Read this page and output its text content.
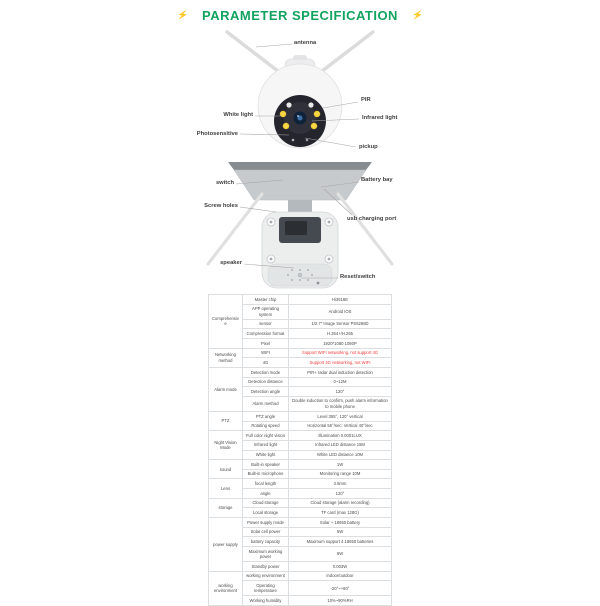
⚡ PARAMETER SPECIFICATION ⚡
antenna
White light
Photosensitive
PIR
Infrared light
pickup
switch
Screw holes
speaker
Battery bay
usb charging port
Reset/switch
Comprehensive	Master chip	Hi3518E
	APP operating system	Android IOS
	sensor	1/2.7" Image Sensor PS5268D
	Compression format	H.264+/H.265
	Pixel	1920*1080 1080P
Networking method	WIFI	Support WIFI networking, not support 4G
	4G	Support 4G networking, not WIFI
Alarm mode	Detection mode	PIR+ radar dual induction detection
	Detection distance	0~12M
	Detection angle	120°
	Alarm method	Double induction to confirm, push alarm information to mobile phone
PTZ	PTZ angle	Level 355°, 120° vertical
	Rotating speed	Horizontal 55°/sec; Vertical 40°/sec
Night Vision Mode	Full color night vision	Illumination 0.0001LUX
	Infrared light	Infrared LED distance 15M
	White light	White LED distance 10M
sound	Built-in speaker	1W
	Built-in microphone	Monitoring range 10M
Lens	focal length	3.6mm
	angle	120°
storage	Cloud storage	Cloud storage (alarm recording)
	Local storage	TF card (max 128G)
power supply	Power supply mode	Solar + 18650 battery
	Solar cell power	5W
	battery capacity	Maximum support 4 18650 batteries
	Maximum working power	6W
	Standby power	0.003W
working environment	working environment	Indoor/outdoor
	Operating temperature	-20°~+60°
	Working humidity	10%~90%RH
